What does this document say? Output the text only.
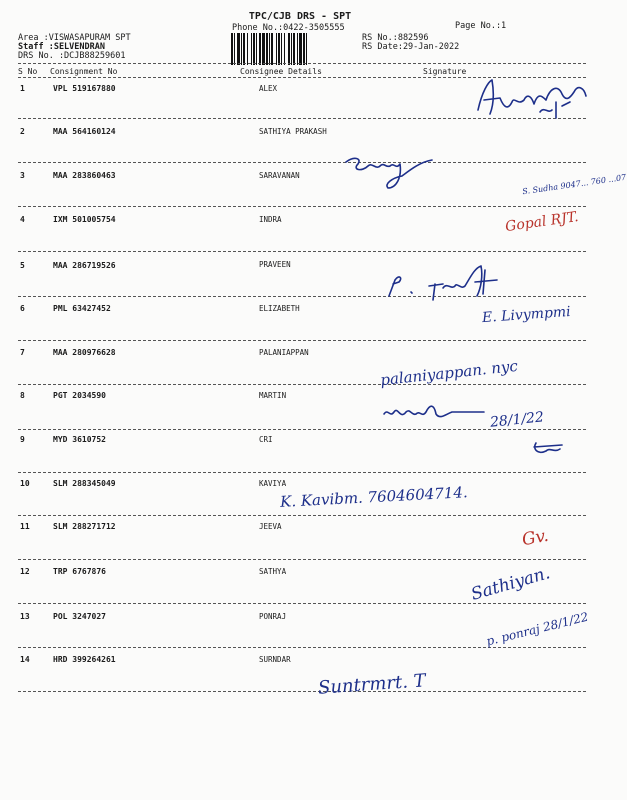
TPC/CJB DRS - SPT
Phone No.:0422-3505555	Page No.:1
Area :VISWASAPURAM SPT
Staff :SELVENDRAN
DRS No. :DCJB88259601
RS No.:882596
RS Date:29-Jan-2022
S No Consignment No	Consignee Details	Signature
1	VPL 519167880	ALEX
2	MAA 564160124	SATHIYA PRAKASH
3	MAA 283860463	SARAVANAN
4	IXM 501005754	INDRA
5	MAA 286719526	PRAVEEN
6	PML 63427452	ELIZABETH
7	MAA 280976628	PALANIAPPAN
8	PGT 2034590	MARTIN
9	MYD 3610752	CRI
10	SLM 288345049	KAVIYA
11	SLM 288271712	JEEVA
12	TRP 6767876	SATHYA
13	POL 3247027	PONRAJ
14	HRD 399264261	SURNDAR
S. Sudha 9047... 760 ...07
Gopal RJT.
E. Livympmi
palaniyappan. nyc
28/1/22
K. Kavibm. 7604604714.
Gv.
Sathiyan.
p. ponraj 28/1/22
Suntrmrt. T
